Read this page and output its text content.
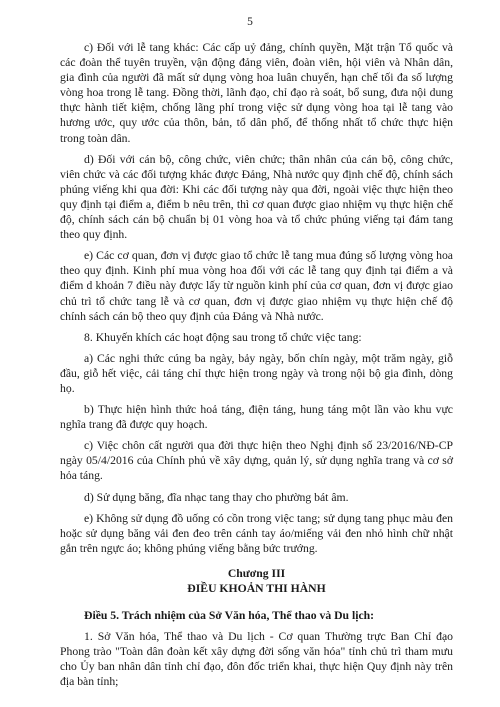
5

c) Đối với lễ tang khác: Các cấp uỷ đảng, chính quyền, Mặt trận Tổ quốc và các đoàn thể tuyên truyền, vận động đảng viên, đoàn viên, hội viên và Nhân dân, gia đình của người đã mất sử dụng vòng hoa luân chuyển, hạn chế tối đa số lượng vòng hoa trong lễ tang. Đồng thời, lãnh đạo, chỉ đạo rà soát, bổ sung, đưa nội dung thực hành tiết kiệm, chống lãng phí trong việc sử dụng vòng hoa tại lễ tang vào hương ước, quy ước của thôn, bản, tổ dân phố, để thống nhất tổ chức thực hiện trong toàn dân.

d) Đối với cán bộ, công chức, viên chức; thân nhân của cán bộ, công chức, viên chức và các đối tượng khác được Đảng, Nhà nước quy định chế độ, chính sách phúng viếng khi qua đời: Khi các đối tượng này qua đời, ngoài việc thực hiện theo quy định tại điểm a, điểm b nêu trên, thì cơ quan được giao nhiệm vụ thực hiện chế độ, chính sách cán bộ chuẩn bị 01 vòng hoa và tổ chức phúng viếng tại đám tang theo quy định.

e) Các cơ quan, đơn vị được giao tổ chức lễ tang mua đúng số lượng vòng hoa theo quy định. Kinh phí mua vòng hoa đối với các lễ tang quy định tại điểm a và điểm d khoản 7 điều này được lấy từ nguồn kinh phí của cơ quan, đơn vị được giao chủ trì tổ chức tang lễ và cơ quan, đơn vị được giao nhiệm vụ thực hiện chế độ chính sách cán bộ theo quy định của Đảng và Nhà nước.

8. Khuyến khích các hoạt động sau trong tổ chức việc tang:

a) Các nghi thức cúng ba ngày, bảy ngày, bốn chín ngày, một trăm ngày, giỗ đầu, giỗ hết việc, cải táng chỉ thực hiện trong ngày và trong nội bộ gia đình, dòng họ.

b) Thực hiện hình thức hoả táng, điện táng, hung táng một lần vào khu vực nghĩa trang đã được quy hoạch.

c) Việc chôn cất người qua đời thực hiện theo Nghị định số 23/2016/NĐ-CP ngày 05/4/2016 của Chính phủ về xây dựng, quản lý, sử dụng nghĩa trang và cơ sở hỏa táng.

d) Sử dụng băng, đĩa nhạc tang thay cho phường bát âm.

e) Không sử dụng đồ uống có cồn trong việc tang; sử dụng tang phục màu đen hoặc sử dụng băng vải đen đeo trên cánh tay áo/miếng vải đen nhỏ hình chữ nhật gắn trên ngực áo; không phúng viếng bằng bức trướng.

Chương III
ĐIỀU KHOẢN THI HÀNH

Điều 5. Trách nhiệm của Sở Văn hóa, Thể thao và Du lịch:

1. Sở Văn hóa, Thể thao và Du lịch - Cơ quan Thường trực Ban Chỉ đạo Phong trào "Toàn dân đoàn kết xây dựng đời sống văn hóa" tỉnh chủ trì tham mưu cho Ủy ban nhân dân tỉnh chỉ đạo, đôn đốc triển khai, thực hiện Quy định này trên địa bàn tỉnh;
